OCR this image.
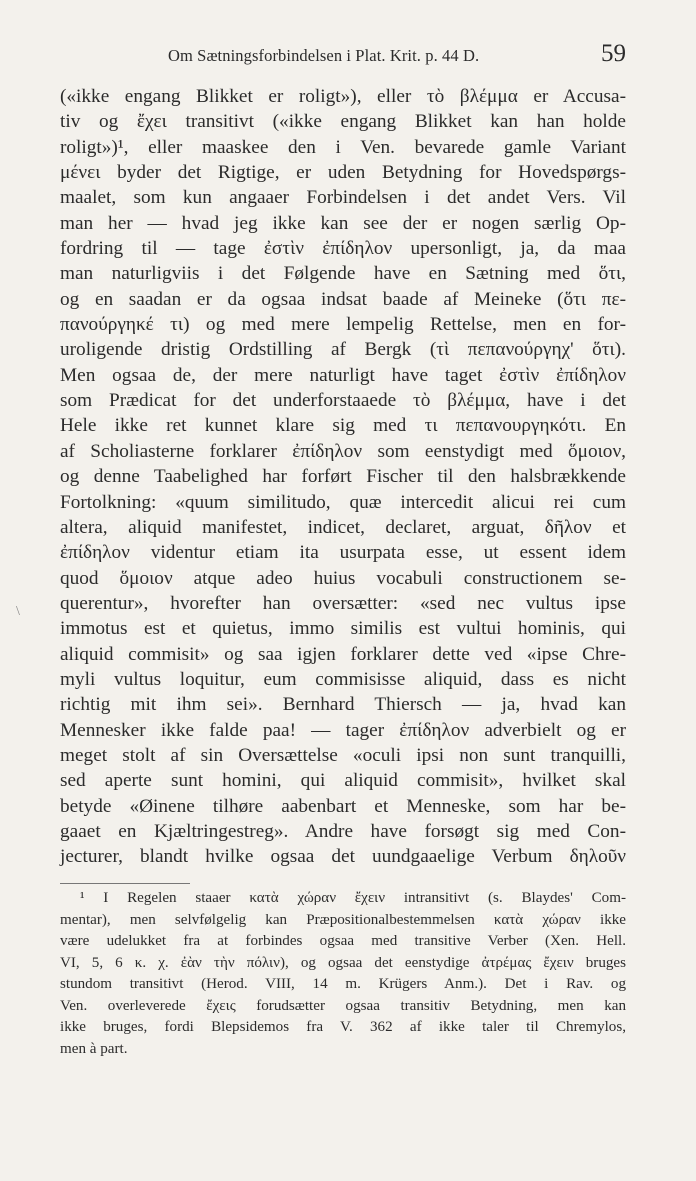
Om Sætningsforbindelsen i Plat. Krit. p. 44 D.	59
\
(«ikke engang Blikket er roligt»), eller τὸ βλέμμα er Accusa-
tiv og ἔχει transitivt («ikke engang Blikket kan han holde
roligt»)¹, eller maaskee den i Ven. bevarede gamle Variant
μένει byder det Rigtige, er uden Betydning for Hovedspørgs-
maalet, som kun angaaer Forbindelsen i det andet Vers. Vil
man her — hvad jeg ikke kan see der er nogen særlig Op-
fordring til — tage ἐστὶν ἐπίδηλον upersonligt, ja, da maa
man naturligviis i det Følgende have en Sætning med ὅτι,
og en saadan er da ogsaa indsat baade af Meineke (ὅτι πε-
πανούργηκέ τι) og med mere lempelig Rettelse, men en for-
uroligende dristig Ordstilling af Bergk (τὶ πεπανούργηχ' ὅτι).
Men ogsaa de, der mere naturligt have taget ἐστὶν ἐπίδηλον
som Prædicat for det underforstaaede τὸ βλέμμα, have i det
Hele ikke ret kunnet klare sig med τι πεπανουργηκότι. En
af Scholiasterne forklarer ἐπίδηλον som eenstydigt med ὅμοιον,
og denne Taabelighed har forført Fischer til den halsbrækkende
Fortolkning: «quum similitudo, quæ intercedit alicui rei cum
altera, aliquid manifestet, indicet, declaret, arguat, δῆλον et
ἐπίδηλον videntur etiam ita usurpata esse, ut essent idem
quod ὅμοιον atque adeo huius vocabuli constructionem se-
querentur», hvorefter han oversætter: «sed nec vultus ipse
immotus est et quietus, immo similis est vultui hominis, qui
aliquid commisit» og saa igjen forklarer dette ved «ipse Chre-
myli vultus loquitur, eum commisisse aliquid, dass es nicht
richtig mit ihm sei». Bernhard Thiersch — ja, hvad kan
Mennesker ikke falde paa! — tager ἐπίδηλον adverbielt og er
meget stolt af sin Oversættelse «oculi ipsi non sunt tranquilli,
sed aperte sunt homini, qui aliquid commisit», hvilket skal
betyde «Øinene tilhøre aabenbart et Menneske, som har be-
gaaet en Kjæltringestreg». Andre have forsøgt sig med Con-
jecturer, blandt hvilke ogsaa det uundgaaelige Verbum δηλοῦν
¹ I Regelen staaer κατὰ χώραν ἔχειν intransitivt (s. Blaydes' Com-
mentar), men selvfølgelig kan Præpositionalbestemmelsen κατὰ χώραν ikke
være udelukket fra at forbindes ogsaa med transitive Verber (Xen. Hell.
VI, 5, 6 κ. χ. ἐὰν τὴν πόλιν), og ogsaa det eenstydige ἀτρέμας ἔχειν bruges
stundom transitivt (Herod. VIII, 14 m. Krügers Anm.). Det i Rav. og
Ven. overleverede ἔχεις forudsætter ogsaa transitiv Betydning, men kan
ikke bruges, fordi Blepsidemos fra V. 362 af ikke taler til Chremylos,
men à part.
